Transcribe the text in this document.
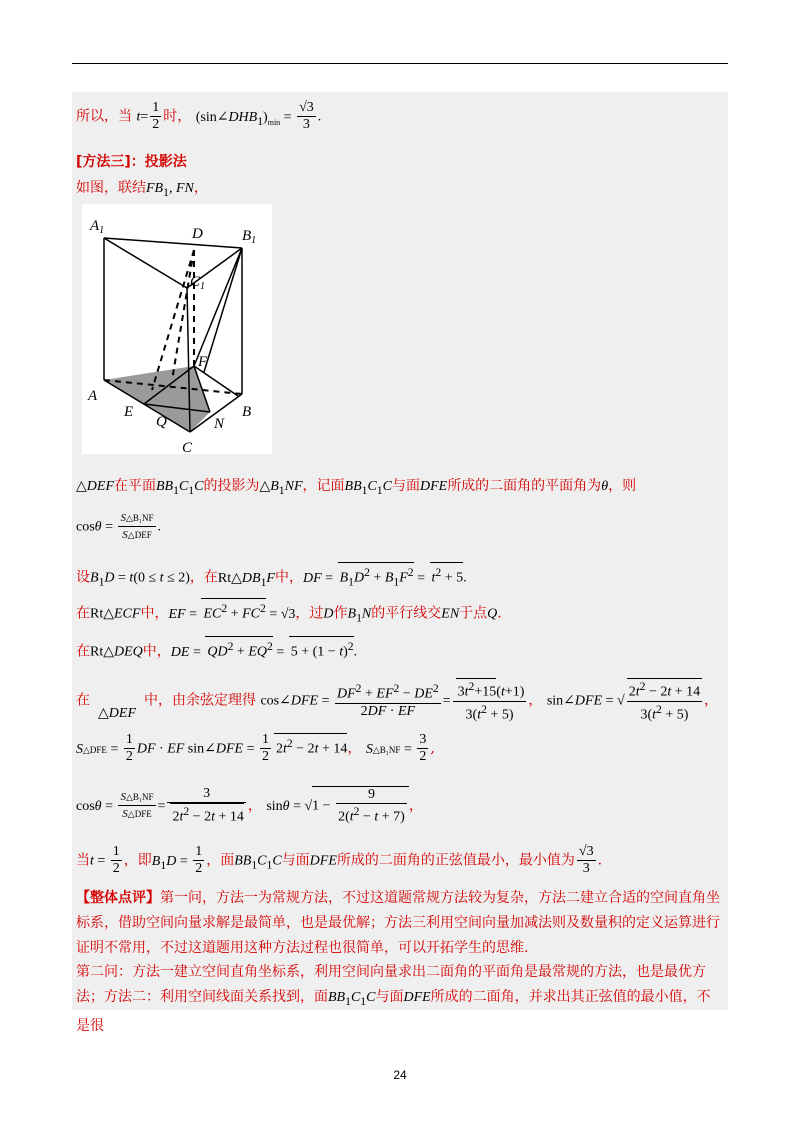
所以，当 $t= \frac{1}{2}$ 时， $(\sin\angle DHB_1)_{min} = \frac{√3}{3}$ .
[方法三]：投影法
如图，联结$FB_1$, FN，
$A_1$	D	$B_1$
$C_1$
F
A
E	B
Q	N
C
△DEF在平面$BB_1C_1C$的投影为$\triangle B_1NF$，记面$BB_1C_1C$与面DFE所成的二面角的平面角为θ，则
$\cos\theta = \frac{\text{S△B₁NF}}{\text{S△DEF}}$ .
设$B_1D = t(0 \le t \le 2)$，在$Rt\triangle DB_1F$中，DF = $B_1D^2 + B_1F^2 = t^2 + 5$.
在Rt△ECF中，EF = $EC^2 + FC^2 = √3$，过D作$B_1N$的平行线交EN于点Q.
在Rt△DEQ中，DE = $QD^2 + EQ^2 = 5 + (1 - t)^2$.
在△DEF中，由余弦定理得 cos∠DFE = $\frac{DF^2 + EF^2 - DE^2}{2DF \cdot EF} = \frac{3t^2+15(t+1)}{3(t^2 + 5)}$ ， sin∠DFE = √ $\frac{2t^2 - 2t + 14}{3(t^2 + 5)}$ ，
S△DFE = $\frac{1}{2}$ DF · EF sin∠DFE = $\frac{1}{2} 2t^2 - 2t + 14$， S△B₁NF = $\frac{3}{2}$ ,
$\cos\theta = \frac{\text{S△B₁NF}}{\text{S△DFE}} = \frac{3}{2t^2 - 2t + 14}$ ， $\sin\theta = √1 - \frac{9}{2(t^2 - t + 7)}$ ，
当$t = \frac{1}{2}$ ，即$B_1D = \frac{1}{2}$ ，面$BB_1C_1C$与面DFE所成的二面角的正弦值最小，最小值为 $\frac{√3}{3}$ .
【整体点评】第一问，方法一为常规方法，不过这道题常规方法较为复杂，方法二建立合适的空间直角坐标系，借助空间向量求解是最简单，也是最优解；方法三利用空间向量加减法则及数量积的定义运算进行证明不常用，不过这道题用这种方法过程也很简单，可以开拓学生的思维.
第二问：方法一建立空间直角坐标系，利用空间向量求出二面角的平面角是最常规的方法，也是最优方法；方法二：利用空间线面关系找到，面$BB_1C_1C$与面DFE所成的二面角，并求出其正弦值的最小值，不是很
24
